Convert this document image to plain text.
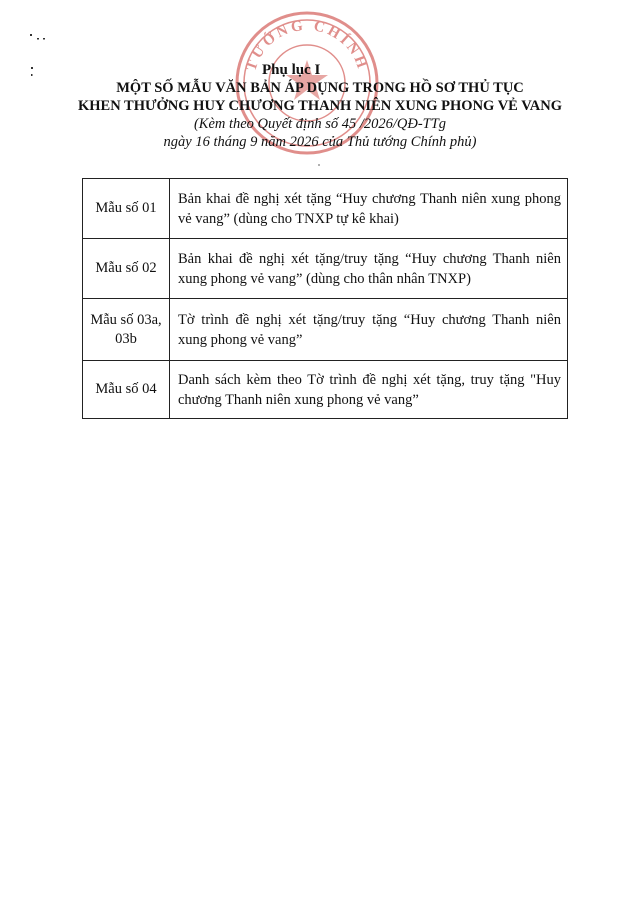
TƯỚNG CHÍNH
Phụ lục I
MỘT SỐ MẪU VĂN BẢN ÁP DỤNG TRONG HỒ SƠ THỦ TỤC
KHEN THƯỞNG HUY CHƯƠNG THANH NIÊN XUNG PHONG VẺ VANG
(Kèm theo Quyết định số 45 /2026/QĐ-TTg
ngày 16 tháng 9 năm 2026 của Thủ tướng Chính phủ)
Mẫu số 01	Bản khai đề nghị xét tặng “Huy chương Thanh niên xung phong vẻ vang” (dùng cho TNXP tự kê khai)
Mẫu số 02	Bản khai đề nghị xét tặng/truy tặng “Huy chương Thanh niên xung phong vẻ vang” (dùng cho thân nhân TNXP)
Mẫu số 03a, 03b	Tờ trình đề nghị xét tặng/truy tặng “Huy chương Thanh niên xung phong vẻ vang”
Mẫu số 04	Danh sách kèm theo Tờ trình đề nghị xét tặng, truy tặng "Huy chương Thanh niên xung phong vẻ vang”
